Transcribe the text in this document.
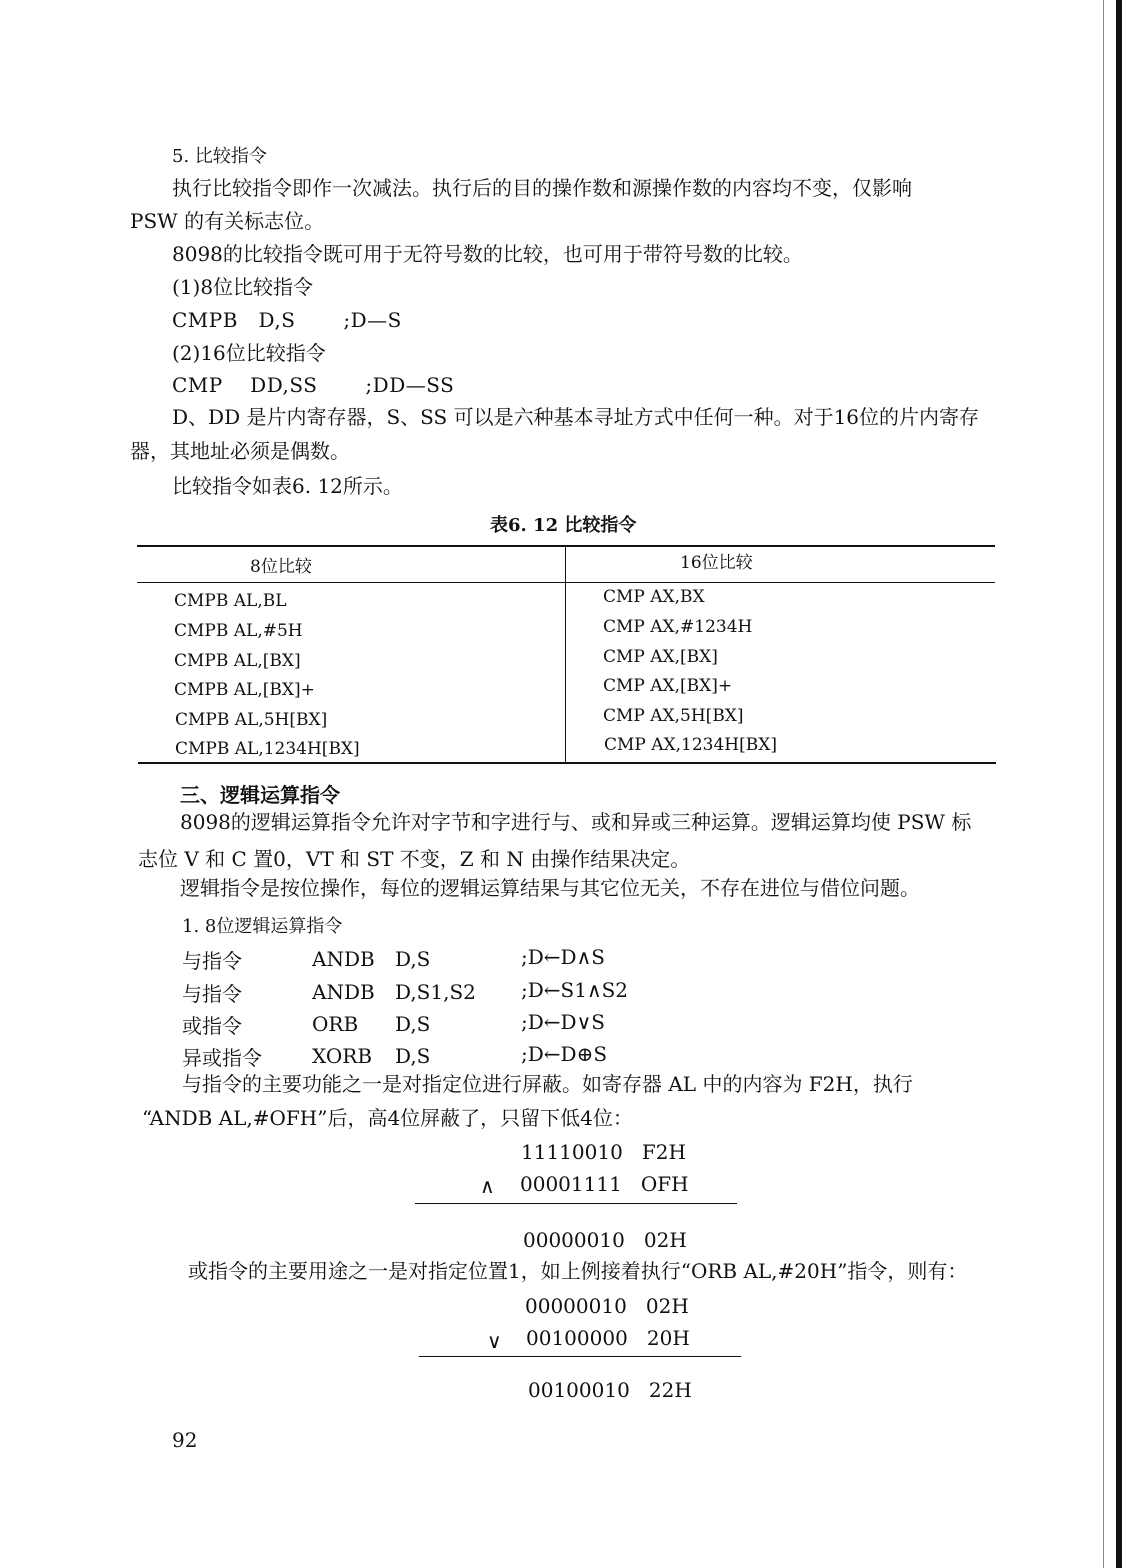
5. 比较指令
执行比较指令即作一次减法。执行后的目的操作数和源操作数的内容均不变，仅影响
PSW 的有关标志位。
8098的比较指令既可用于无符号数的比较，也可用于带符号数的比较。
(1)8位比较指令
CMPB   D,S       ;D—S
(2)16位比较指令
CMP    DD,SS       ;DD—SS
D、DD 是片内寄存器，S、SS 可以是六种基本寻址方式中任何一种。对于16位的片内寄存
器，其地址必须是偶数。
比较指令如表6. 12所示。
表6. 12 比较指令
8位比较	16位比较
CMPB AL,BL	CMP AX,BX
CMPB AL,#5H	CMP AX,#1234H
CMPB AL,[BX]	CMP AX,[BX]
CMPB AL,[BX]+	CMP AX,[BX]+
CMPB AL,5H[BX]	CMP AX,5H[BX]
CMPB AL,1234H[BX]	CMP AX,1234H[BX]
三、逻辑运算指令
8098的逻辑运算指令允许对字节和字进行与、或和异或三种运算。逻辑运算均使 PSW 标
志位 V 和 C 置0，VT 和 ST 不变，Z 和 N 由操作结果决定。
逻辑指令是按位操作，每位的逻辑运算结果与其它位无关，不存在进位与借位问题。
1. 8位逻辑运算指令
与指令	ANDB D,S	;D←D∧S
与指令	ANDB D,S1,S2 ;D←S1∧S2
或指令	ORB D,S	;D←D∨S
异或指令	XORB D,S	;D←D⊕S
与指令的主要功能之一是对指定位进行屏蔽。如寄存器 AL 中的内容为 F2H，执行
“ANDB AL,#OFH”后，高4位屏蔽了，只留下低4位：
11110010   F2H
∧ 00001111   OFH
00000010   02H
或指令的主要用途之一是对指定位置1，如上例接着执行“ORB AL,#20H”指令，则有：
00000010   02H
∨ 00100000   20H
00100010   22H
92
